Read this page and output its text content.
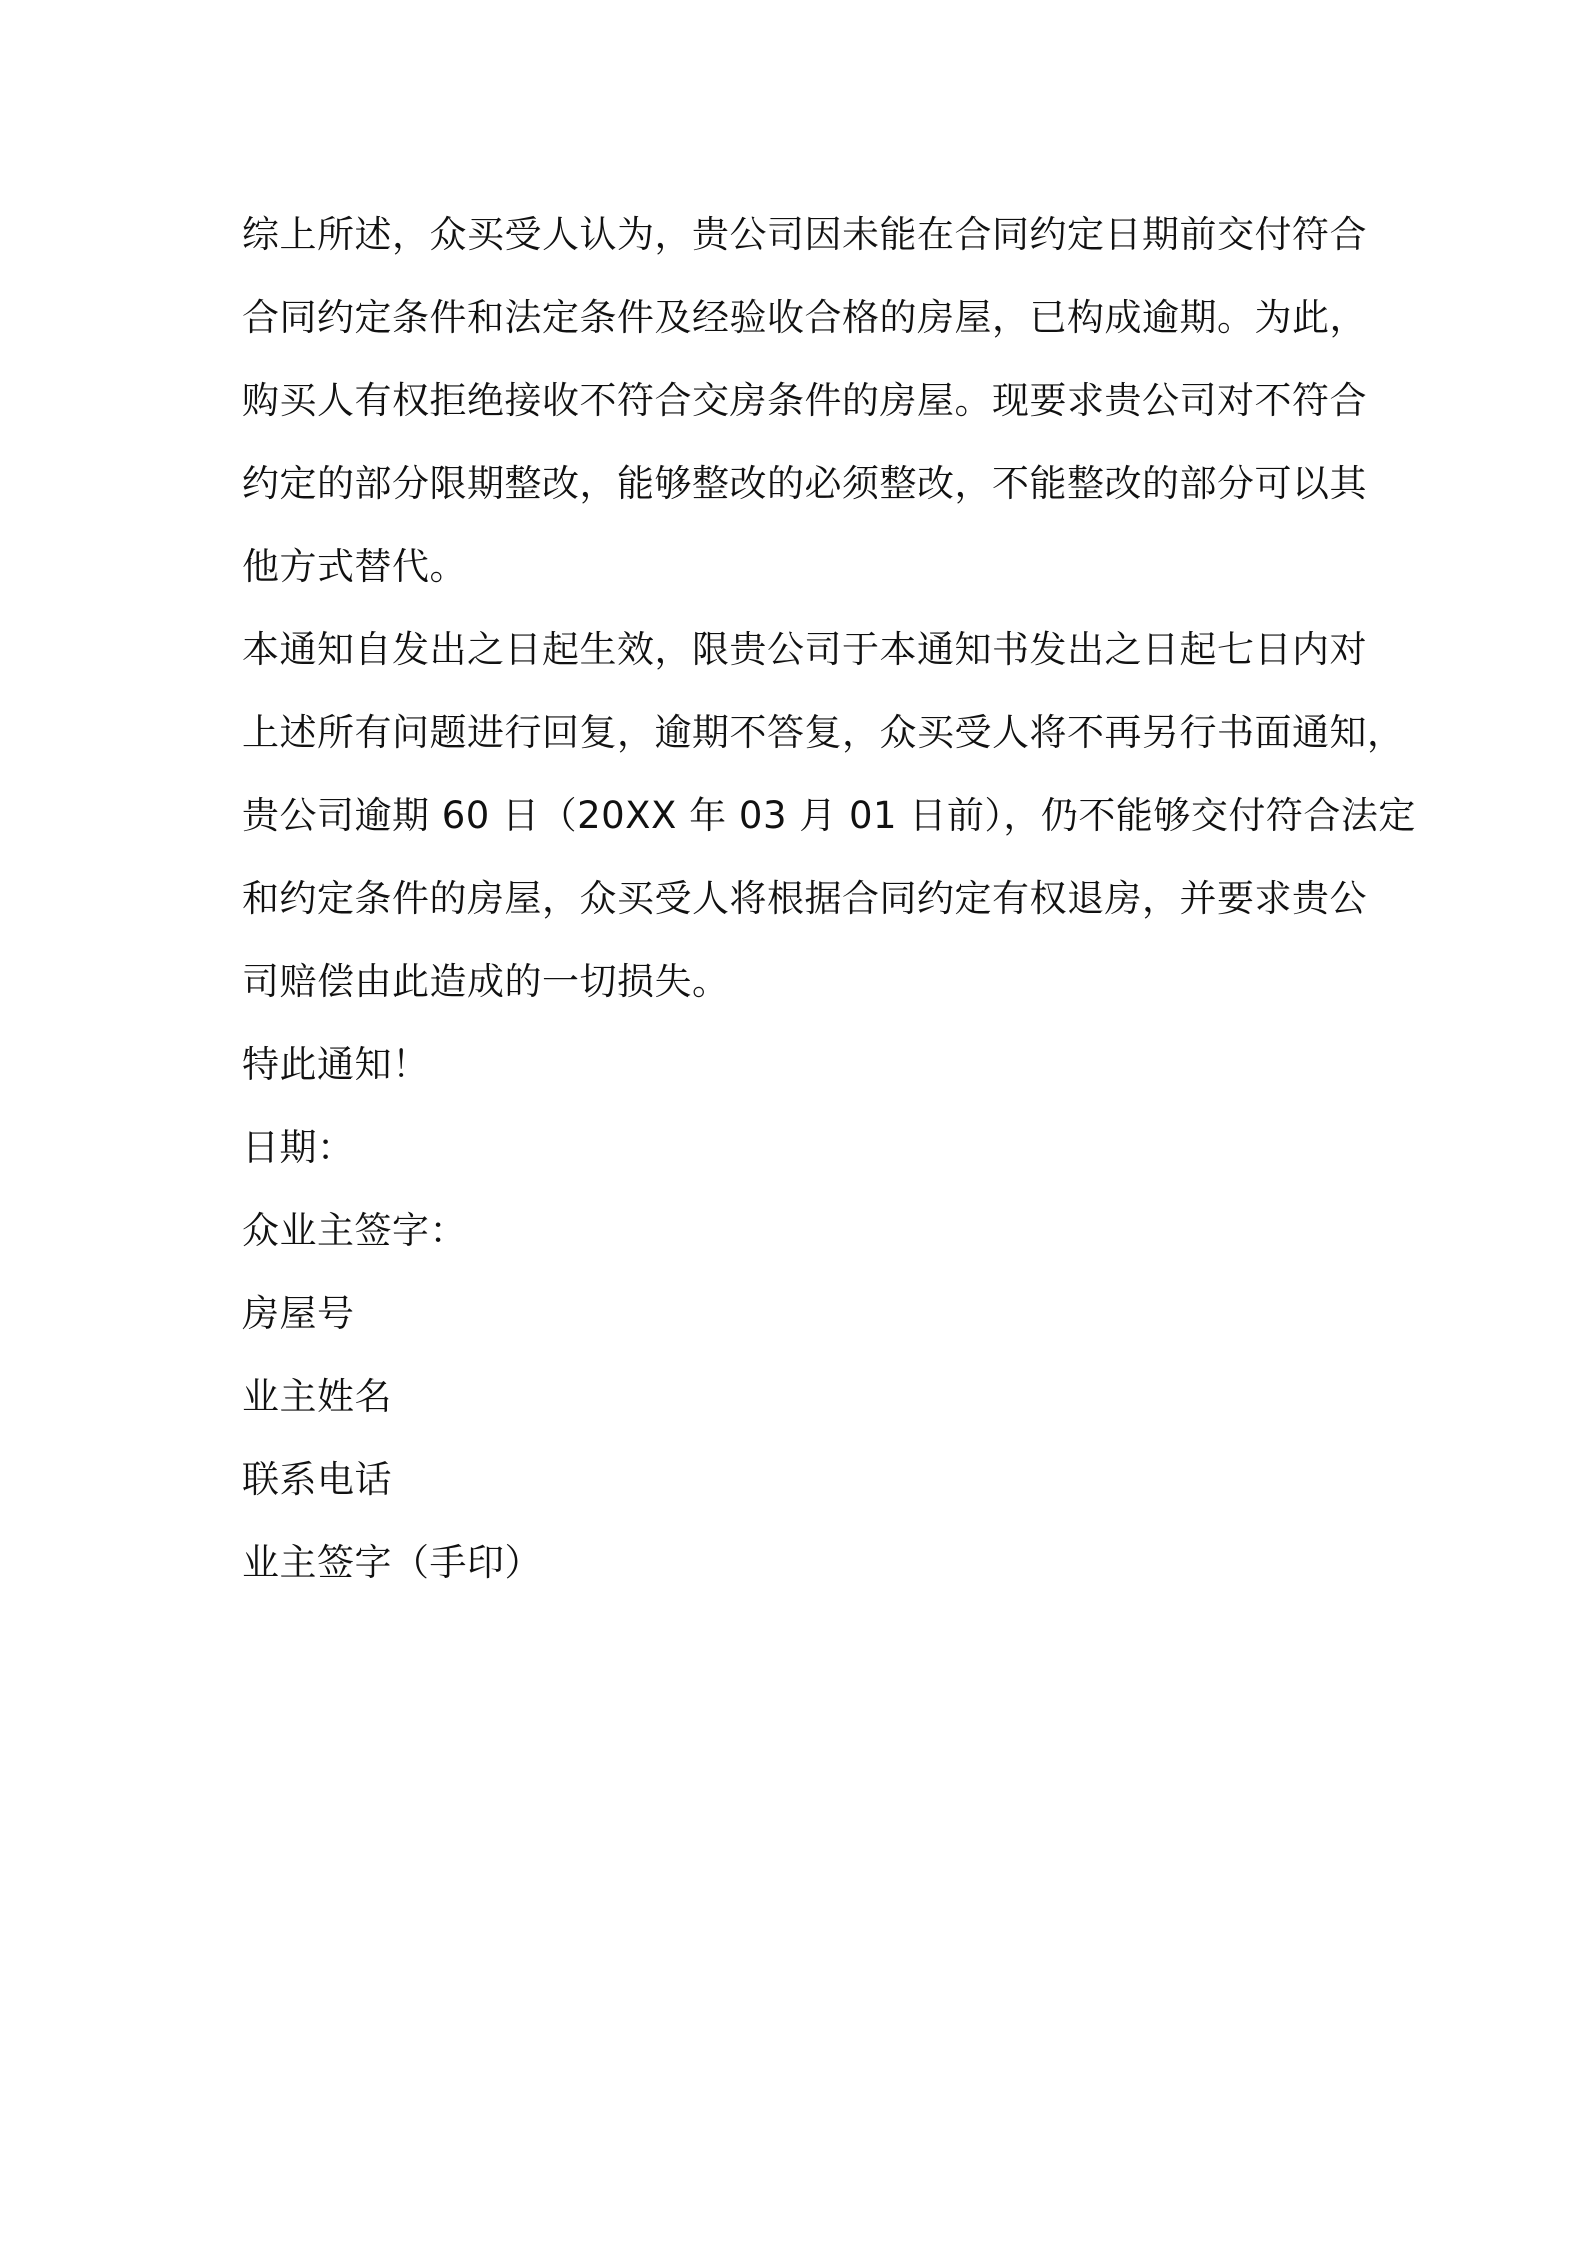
综上所述，众买受人认为，贵公司因未能在合同约定日期前交付符合
合同约定条件和法定条件及经验收合格的房屋，已构成逾期。为此，
购买人有权拒绝接收不符合交房条件的房屋。现要求贵公司对不符合
约定的部分限期整改，能够整改的必须整改，不能整改的部分可以其
他方式替代。

本通知自发出之日起生效，限贵公司于本通知书发出之日起七日内对
上述所有问题进行回复，逾期不答复，众买受人将不再另行书面通知，
贵公司逾期 60 日（20XX 年 03 月 01 日前），仍不能够交付符合法定
和约定条件的房屋，众买受人将根据合同约定有权退房，并要求贵公
司赔偿由此造成的一切损失。

特此通知！

日期：

众业主签字：

房屋号

业主姓名

联系电话

业主签字（手印）
